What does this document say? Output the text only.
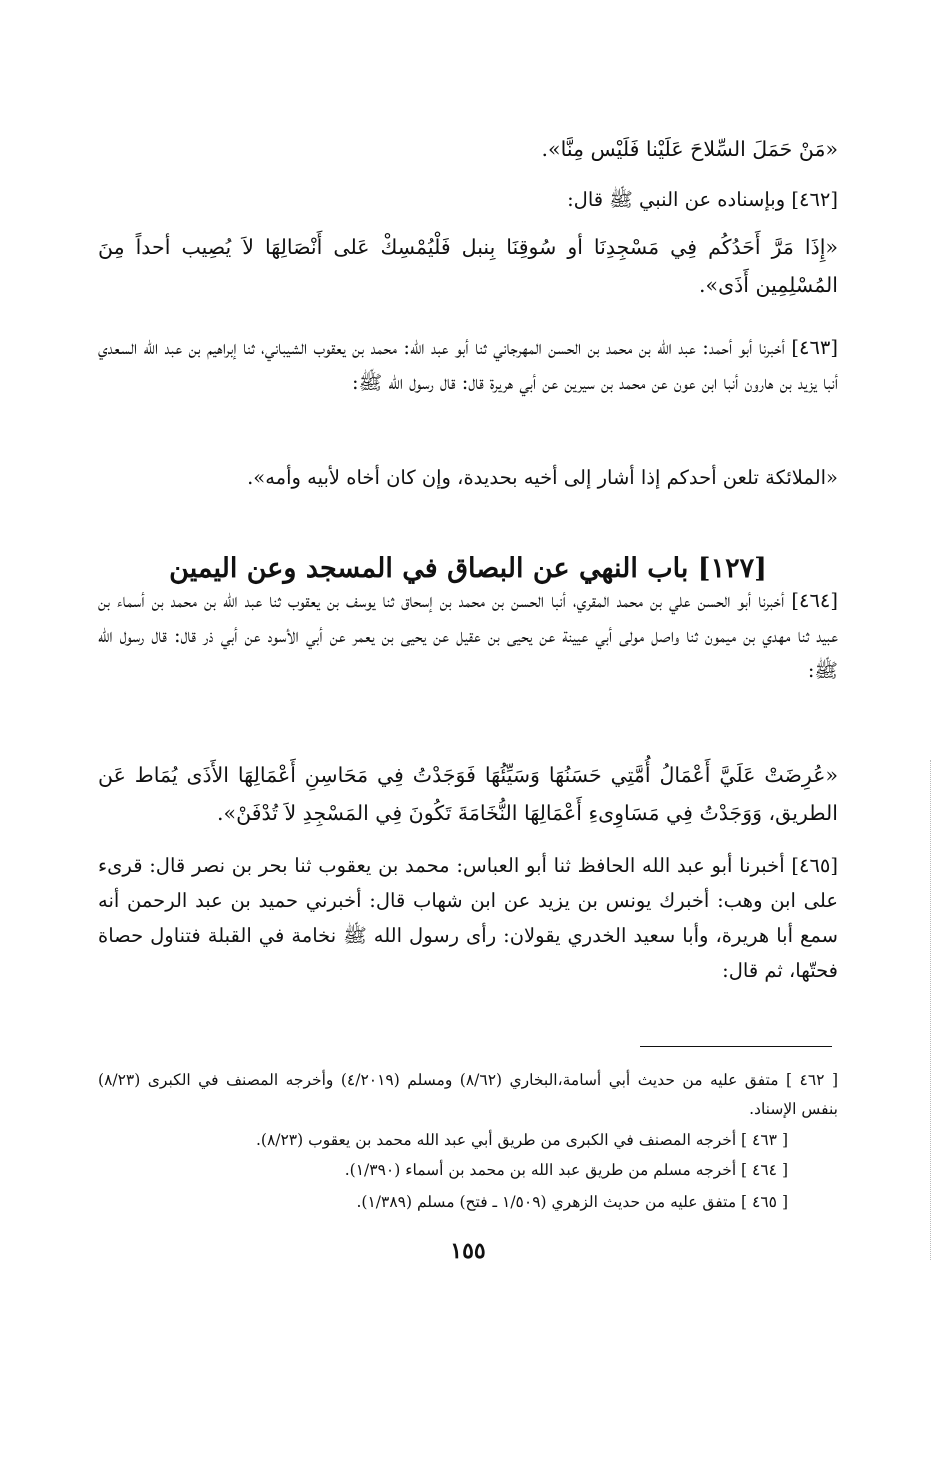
«مَنْ حَمَلَ السِّلاحَ عَلَيْنا فَلَيْس مِنَّا».

[٤٦٢] وبإسناده عن النبي ﷺ قال:

«إِذَا مَرَّ أَحَدُكُم فِي مَسْجِدِنَا أو سُوقِنَا بِنبل فَلْيُمْسِكْ عَلى أَنْصَالِهَا لاَ يُصِيب أحداً مِنَ المُسْلِمِين أَذَى».

[٤٦٣] أخبرنا أبو أحمد: عبد الله بن محمد بن الحسن المهرجاني ثنا أبو عبد الله: محمد بن يعقوب الشيباني، ثنا إبراهيم بن عبد الله السعدي أنبا يزيد بن هارون أنبا ابن عون عن محمد بن سيرين عن أبي هريرة قال: قال رسول الله ﷺ:

«الملائكة تلعن أحدكم إذا أشار إلى أخيه بحديدة، وإن كان أخاه لأبيه وأمه».

[١٢٧] باب النهي عن البصاق في المسجد وعن اليمين

[٤٦٤] أخبرنا أبو الحسن علي بن محمد المقري، أنبا الحسن بن محمد بن إسحاق ثنا يوسف بن يعقوب ثنا عبد الله بن محمد بن أسماء بن عبيد ثنا مهدي بن ميمون ثنا واصل مولى أبي عيينة عن يحيى بن عقيل عن يحيى بن يعمر عن أبي الأسود عن أبي ذر قال: قال رسول الله ﷺ:

«عُرِضَتْ عَلَيَّ أَعْمَالُ أُمَّتِي حَسَنُهَا وَسَيِّئُهَا فَوَجَدْتُ فِي مَحَاسِنِ أَعْمَالِهَا الأَذَى يُمَاط عَن الطريق، وَوَجَدْتُ فِي مَسَاوِىءِ أَعْمَالِهَا النُّخَامَةَ تَكُونَ فِي المَسْجِدِ لاَ تُدْفَنْ».

[٤٦٥] أخبرنا أبو عبد الله الحافظ ثنا أبو العباس: محمد بن يعقوب ثنا بحر بن نصر قال: قرىء على ابن وهب: أخبرك يونس بن يزيد عن ابن شهاب قال: أخبرني حميد بن عبد الرحمن أنه سمع أبا هريرة، وأبا سعيد الخدري يقولان: رأى رسول الله ﷺ نخامة في القبلة فتناول حصاة فحتّها، ثم قال:

[ ٤٦٢ ] متفق عليه من حديث أبي أسامة،البخاري (٨/٦٢) ومسلم (٤/٢٠١٩) وأخرجه المصنف في الكبرى (٨/٢٣) بنفس الإسناد.

[ ٤٦٣ ] أخرجه المصنف في الكبرى من طريق أبي عبد الله محمد بن يعقوب (٨/٢٣).

[ ٤٦٤ ] أخرجه مسلم من طريق عبد الله بن محمد بن أسماء (١/٣٩٠).

[ ٤٦٥ ] متفق عليه من حديث الزهري (١/٥٠٩ ـ فتح) مسلم (١/٣٨٩).

١٥٥
